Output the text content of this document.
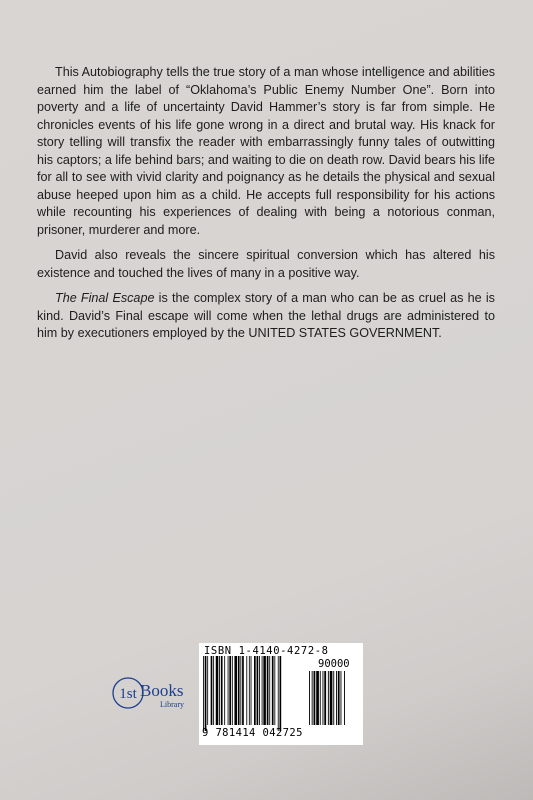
This Autobiography tells the true story of a man whose intelligence and abilities earned him the label of “Oklahoma’s Public Enemy Number One”. Born into poverty and a life of uncertainty David Hammer’s story is far from simple. He chronicles events of his life gone wrong in a direct and brutal way. His knack for story telling will transfix the reader with embarrassingly funny tales of outwitting his captors; a life behind bars; and waiting to die on death row. David bears his life for all to see with vivid clarity and poignancy as he details the physical and sexual abuse heeped upon him as a child. He accepts full responsibility for his actions while recounting his experiences of dealing with being a notorious conman, prisoner, murderer and more.

David also reveals the sincere spiritual conversion which has altered his existence and touched the lives of many in a positive way.

The Final Escape is the complex story of a man who can be as cruel as he is kind. David’s Final escape will come when the lethal drugs are administered to him by executioners employed by the UNITED STATES GOVERNMENT.

1st Books
Library
ISBN 1-4140-4272-8
90000
9 781414 042725
